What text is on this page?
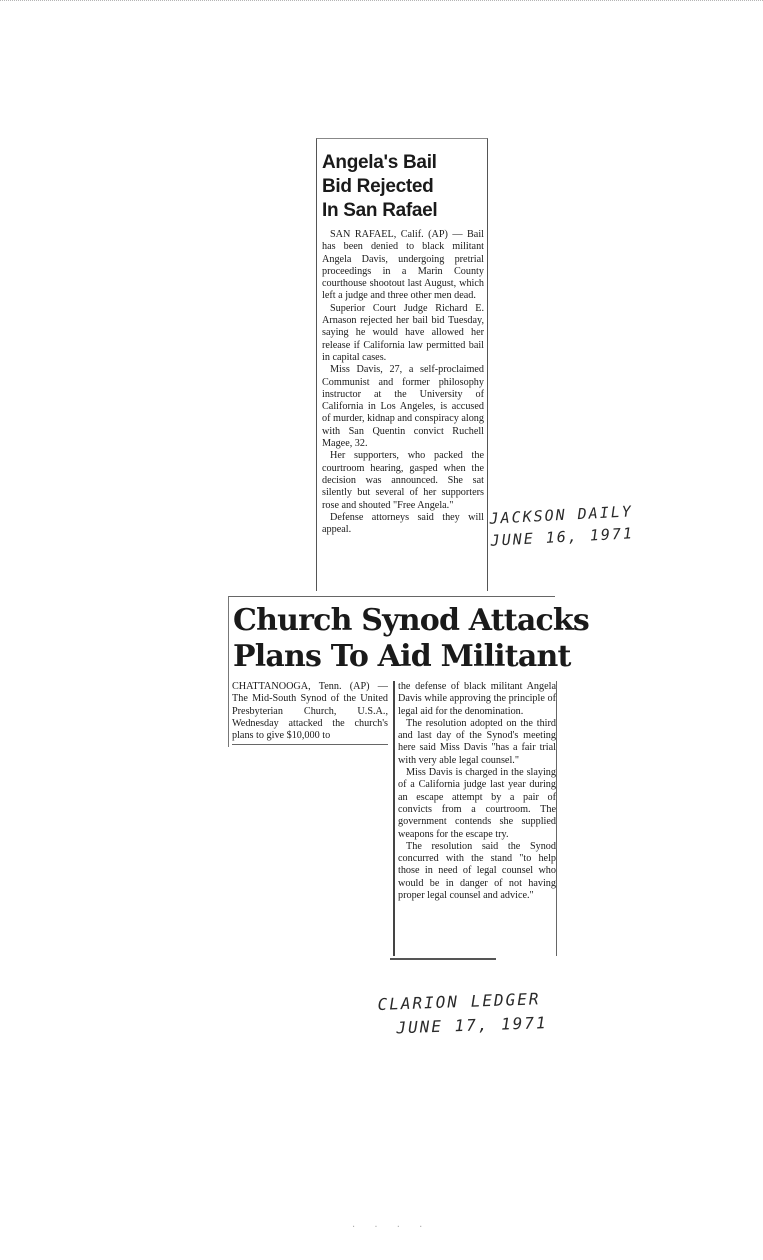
Angela's Bail
Bid Rejected
In San Rafael

SAN RAFAEL, Calif. (AP) — Bail has been denied to black militant Angela Davis, undergoing pretrial proceedings in a Marin County courthouse shootout last August, which left a judge and three other men dead.

Superior Court Judge Richard E. Arnason rejected her bail bid Tuesday, saying he would have allowed her release if California law permitted bail in capital cases.

Miss Davis, 27, a self-proclaimed Communist and former philosophy instructor at the University of California in Los Angeles, is accused of murder, kidnap and conspiracy along with San Quentin convict Ruchell Magee, 32.

Her supporters, who packed the courtroom hearing, gasped when the decision was announced. She sat silently but several of her supporters rose and shouted "Free Angela."

Defense attorneys said they will appeal.

JACKSON DAILY
JUNE 16, 1971
Church Synod Attacks
Plans To Aid Militant

CHATTANOOGA, Tenn. (AP) — The Mid-South Synod of the United Presbyterian Church, U.S.A., Wednesday attacked the church's plans to give $10,000 to

the defense of black militant Angela Davis while approving the principle of legal aid for the denomination.

The resolution adopted on the third and last day of the Synod's meeting here said Miss Davis "has a fair trial with very able legal counsel."

Miss Davis is charged in the slaying of a California judge last year during an escape attempt by a pair of convicts from a courtroom. The government contends she supplied weapons for the escape try.

The resolution said the Synod concurred with the stand "to help those in need of legal counsel who would be in danger of not having proper legal counsel and advice."

CLARION LEDGER
JUNE 17, 1971
· · · ·
